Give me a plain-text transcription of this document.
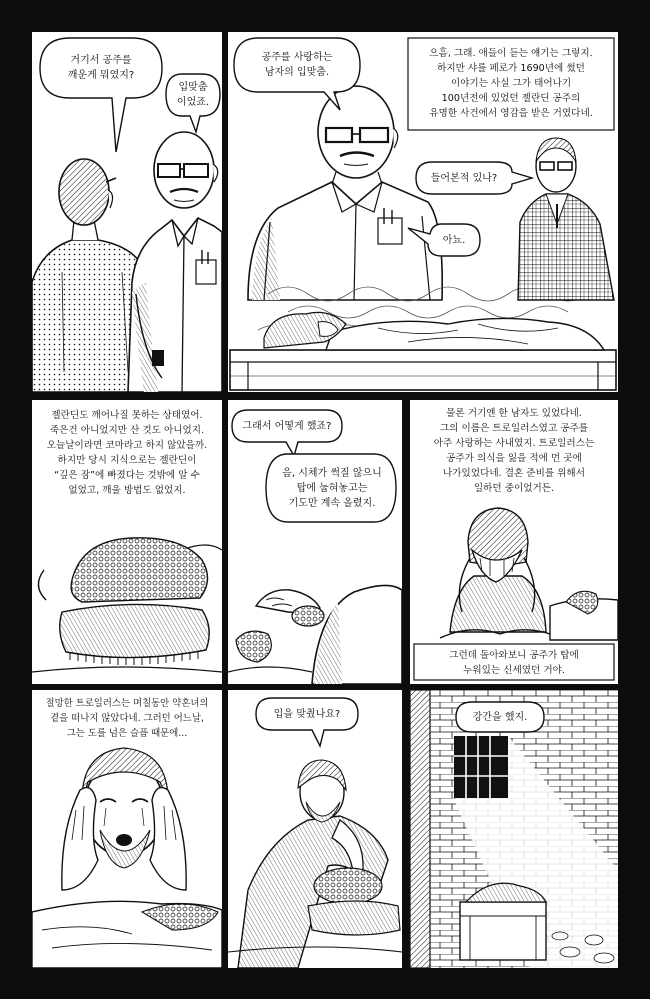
거기서 공주를
깨운게 뭐였지?
입맞춤
이었죠.
공주를 사랑하는
남자의 입맞춤.
으흠, 그래. 애들이 듣는 얘기는 그렇지.
하지만 샤를 페로가 1690년에 썼던
이야기는 사실 그가 태어나기
100년전에 있었던 젤란딘 공주의
유명한 사건에서 영감을 받은 거였다네.
들어본적 있나?
아뇨.
젤란딘도 깨어나질 못하는 상태였어.
죽은건 아니었지만 산 것도 아니었지.
오늘날이라면 코마라고 하지 않았을까.
하지만 당시 지식으로는 젤란딘이
“깊은 잠”에 빠졌다는 것밖에 알 수
없었고, 깨울 방법도 없었지.
그래서 어떻게 했죠?
음, 시체가 썩질 않으니
탑에 눕혀놓고는
기도만 계속 올렸지.
물론 거기엔 한 남자도 있었다네.
그의 이름은 트로일러스였고 공주를
아주 사랑하는 사내였지. 트로일러스는
공주가 의식을 잃을 적에 먼 곳에
나가있었다네. 결혼 준비를 위해서
일하던 중이었거든.
그런데 돌아와보니 공주가 탑에
누워있는 신세였던 거야.
절망한 트로일러스는 며칠동안 약혼녀의
곁을 떠나지 않았다네. 그러던 어느날,
그는 도를 넘은 슬픔 때문에...
입을 맞췄나요?	강간을 했지.
